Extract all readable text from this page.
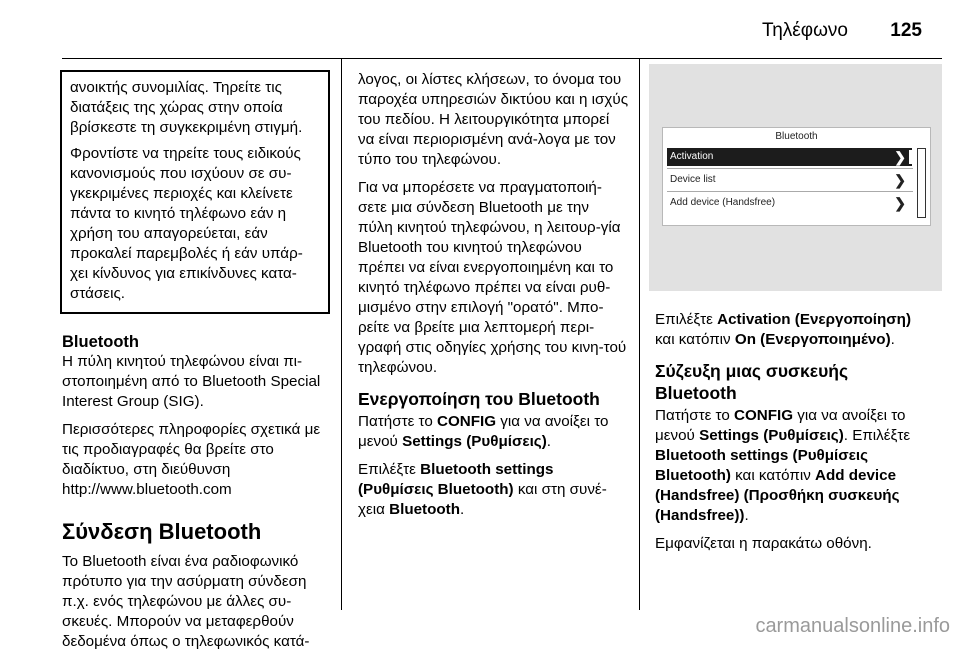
Τηλέφωνο 125

ανοικτής συνομιλίας. Τηρείτε τις διατάξεις της χώρας στην οποία βρίσκεστε τη συγκεκριμένη στιγμή.

Φροντίστε να τηρείτε τους ειδικούς κανονισμούς που ισχύουν σε συ‐γκεκριμένες περιοχές και κλείνετε πάντα το κινητό τηλέφωνο εάν η χρήση του απαγορεύεται, εάν προκαλεί παρεμβολές ή εάν υπάρ‐χει κίνδυνος για επικίνδυνες κατα‐στάσεις.

Bluetooth

Η πύλη κινητού τηλεφώνου είναι πι‐στοποιημένη από το Bluetooth Special Interest Group (SIG).

Περισσότερες πληροφορίες σχετικά με τις προδιαγραφές θα βρείτε στο διαδίκτυο, στη διεύθυνση
http://www.bluetooth.com

Σύνδεση Bluetooth

Το Bluetooth είναι ένα ραδιοφωνικό πρότυπο για την ασύρματη σύνδεση π.χ. ενός τηλεφώνου με άλλες συ‐σκευές. Μπορούν να μεταφερθούν δεδομένα όπως ο τηλεφωνικός κατά‐

λογος, οι λίστες κλήσεων, το όνομα του παροχέα υπηρεσιών δικτύου και η ισχύς του πεδίου. Η λειτουργικότητα μπορεί να είναι περιορισμένη ανά‐λογα με τον τύπο του τηλεφώνου.

Για να μπορέσετε να πραγματοποιή‐σετε μια σύνδεση Bluetooth με την πύλη κινητού τηλεφώνου, η λειτουρ‐γία Bluetooth του κινητού τηλεφώνου πρέπει να είναι ενεργοποιημένη και το κινητό τηλέφωνο πρέπει να είναι ρυθ‐μισμένο στην επιλογή "ορατό". Μπο‐ρείτε να βρείτε μια λεπτομερή περι‐γραφή στις οδηγίες χρήσης του κινη‐τού τηλεφώνου.

Ενεργοποίηση του Bluetooth

Πατήστε το CONFIG για να ανοίξει το μενού Settings (Ρυθμίσεις).

Επιλέξτε Bluetooth settings (Ρυθμίσεις Bluetooth) και στη συνέ‐χεια Bluetooth.

Bluetooth
Activation	❯
Device list	❯
Add device (Handsfree)	❯

Επιλέξτε Activation (Ενεργοποίηση) και κατόπιν On (Ενεργοποιημένο).

Σύζευξη μιας συσκευής Bluetooth

Πατήστε το CONFIG για να ανοίξει το μενού Settings (Ρυθμίσεις). Επιλέξτε Bluetooth settings (Ρυθμίσεις Bluetooth) και κατόπιν Add device (Handsfree) (Προσθήκη συσκευής (Handsfree)).

Εμφανίζεται η παρακάτω οθόνη.

carmanualsonline.info
